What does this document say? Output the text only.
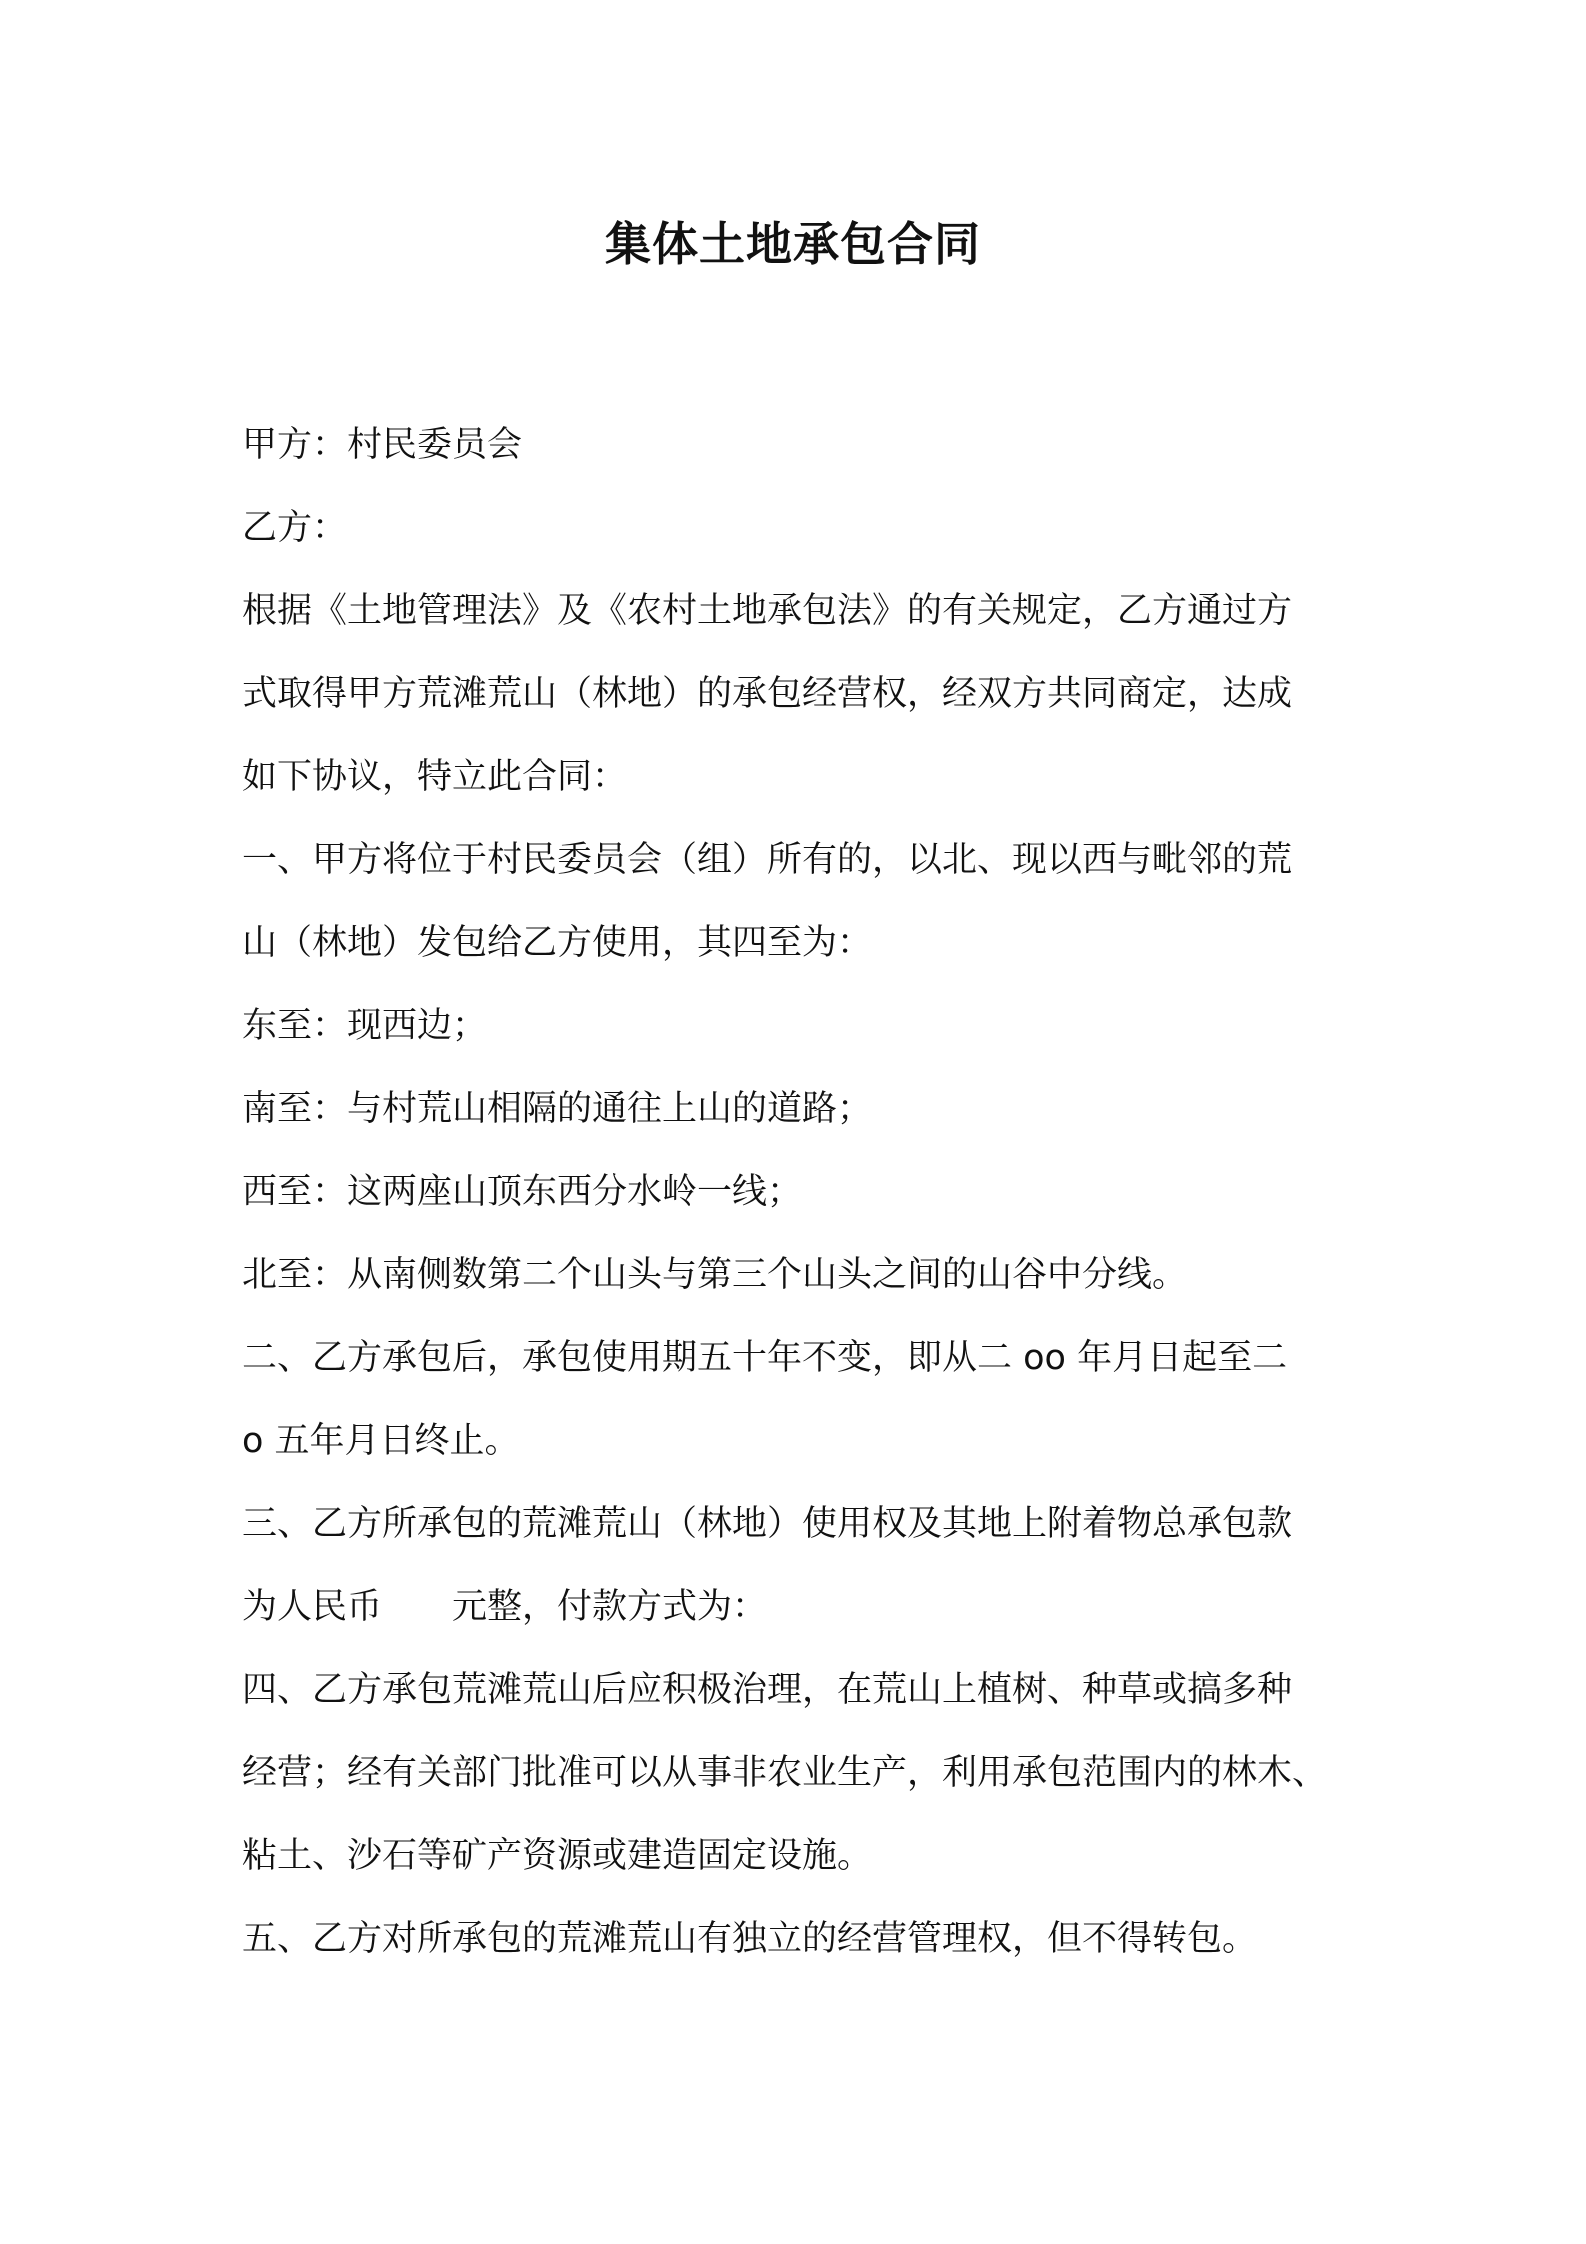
集体土地承包合同
甲方：村民委员会
乙方：
根据《土地管理法》及《农村土地承包法》的有关规定，乙方通过方
式取得甲方荒滩荒山（林地）的承包经营权，经双方共同商定，达成
如下协议，特立此合同：
一、甲方将位于村民委员会（组）所有的，以北、现以西与毗邻的荒
山（林地）发包给乙方使用，其四至为：
东至：现西边；
南至：与村荒山相隔的通往上山的道路；
西至：这两座山顶东西分水岭一线；
北至：从南侧数第二个山头与第三个山头之间的山谷中分线。
二、乙方承包后，承包使用期五十年不变，即从二 oo 年月日起至二
o 五年月日终止。
三、乙方所承包的荒滩荒山（林地）使用权及其地上附着物总承包款
为人民币　　元整，付款方式为：
四、乙方承包荒滩荒山后应积极治理，在荒山上植树、种草或搞多种
经营；经有关部门批准可以从事非农业生产，利用承包范围内的林木、
粘土、沙石等矿产资源或建造固定设施。
五、乙方对所承包的荒滩荒山有独立的经营管理权，但不得转包。
